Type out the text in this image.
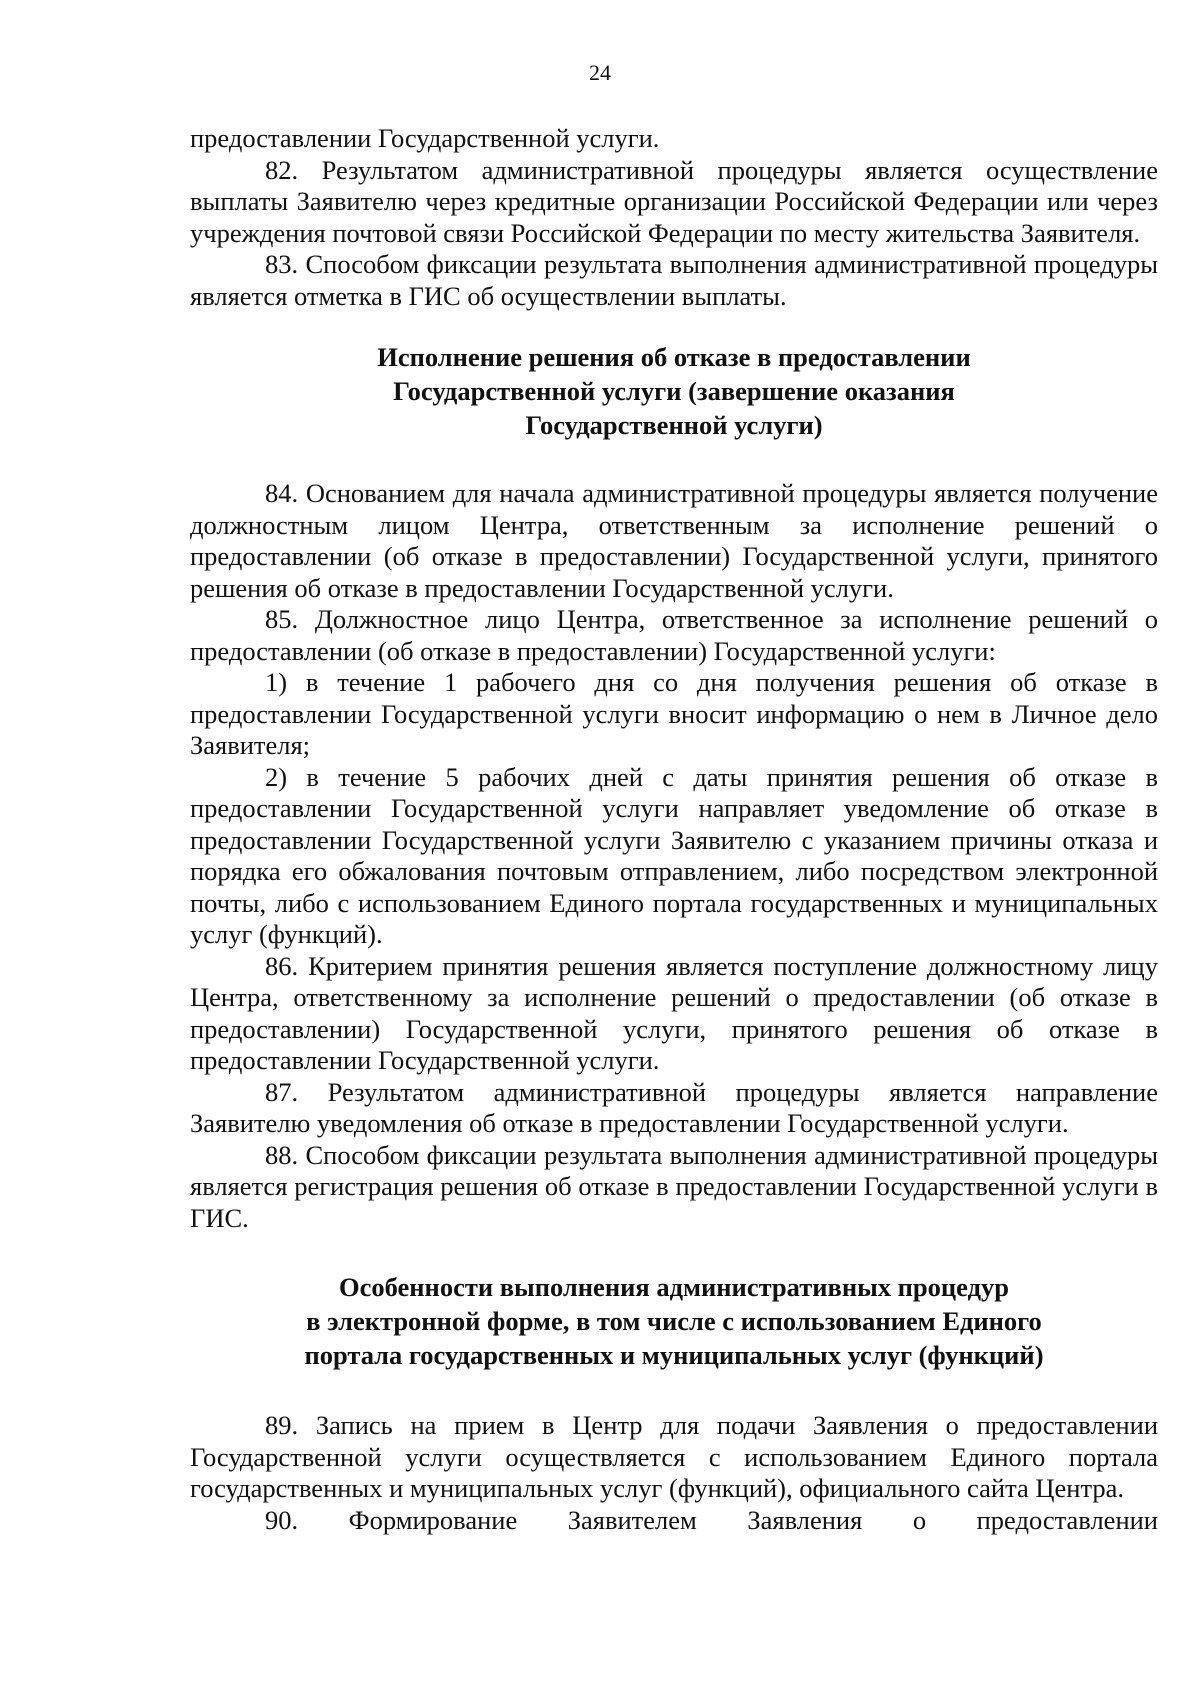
24

предоставлении Государственной услуги.

82. Результатом административной процедуры является осуществление выплаты Заявителю через кредитные организации Российской Федерации или через учреждения почтовой связи Российской Федерации по месту жительства Заявителя.

83. Способом фиксации результата выполнения административной процедуры является отметка в ГИС об осуществлении выплаты.

Исполнение решения об отказе в предоставлении
Государственной услуги (завершение оказания
Государственной услуги)

84. Основанием для начала административной процедуры является получение должностным лицом Центра, ответственным за исполнение решений о предоставлении (об отказе в предоставлении) Государственной услуги, принятого решения об отказе в предоставлении Государственной услуги.

85. Должностное лицо Центра, ответственное за исполнение решений о предоставлении (об отказе в предоставлении) Государственной услуги:

1) в течение 1 рабочего дня со дня получения решения об отказе в предоставлении Государственной услуги вносит информацию о нем в Личное дело Заявителя;

2) в течение 5 рабочих дней с даты принятия решения об отказе в предоставлении Государственной услуги направляет уведомление об отказе в предоставлении Государственной услуги Заявителю с указанием причины отказа и порядка его обжалования почтовым отправлением, либо посредством электронной почты, либо с использованием Единого портала государственных и муниципальных услуг (функций).

86. Критерием принятия решения является поступление должностному лицу Центра, ответственному за исполнение решений о предоставлении (об отказе в предоставлении) Государственной услуги, принятого решения об отказе в предоставлении Государственной услуги.

87. Результатом административной процедуры является направление Заявителю уведомления об отказе в предоставлении Государственной услуги.

88. Способом фиксации результата выполнения административной процедуры является регистрация решения об отказе в предоставлении Государственной услуги в ГИС.

Особенности выполнения административных процедур
в электронной форме, в том числе с использованием Единого
портала государственных и муниципальных услуг (функций)

89. Запись на прием в Центр для подачи Заявления о предоставлении Государственной услуги осуществляется с использованием Единого портала государственных и муниципальных услуг (функций), официального сайта Центра.

90. Формирование Заявителем Заявления о предоставлении
